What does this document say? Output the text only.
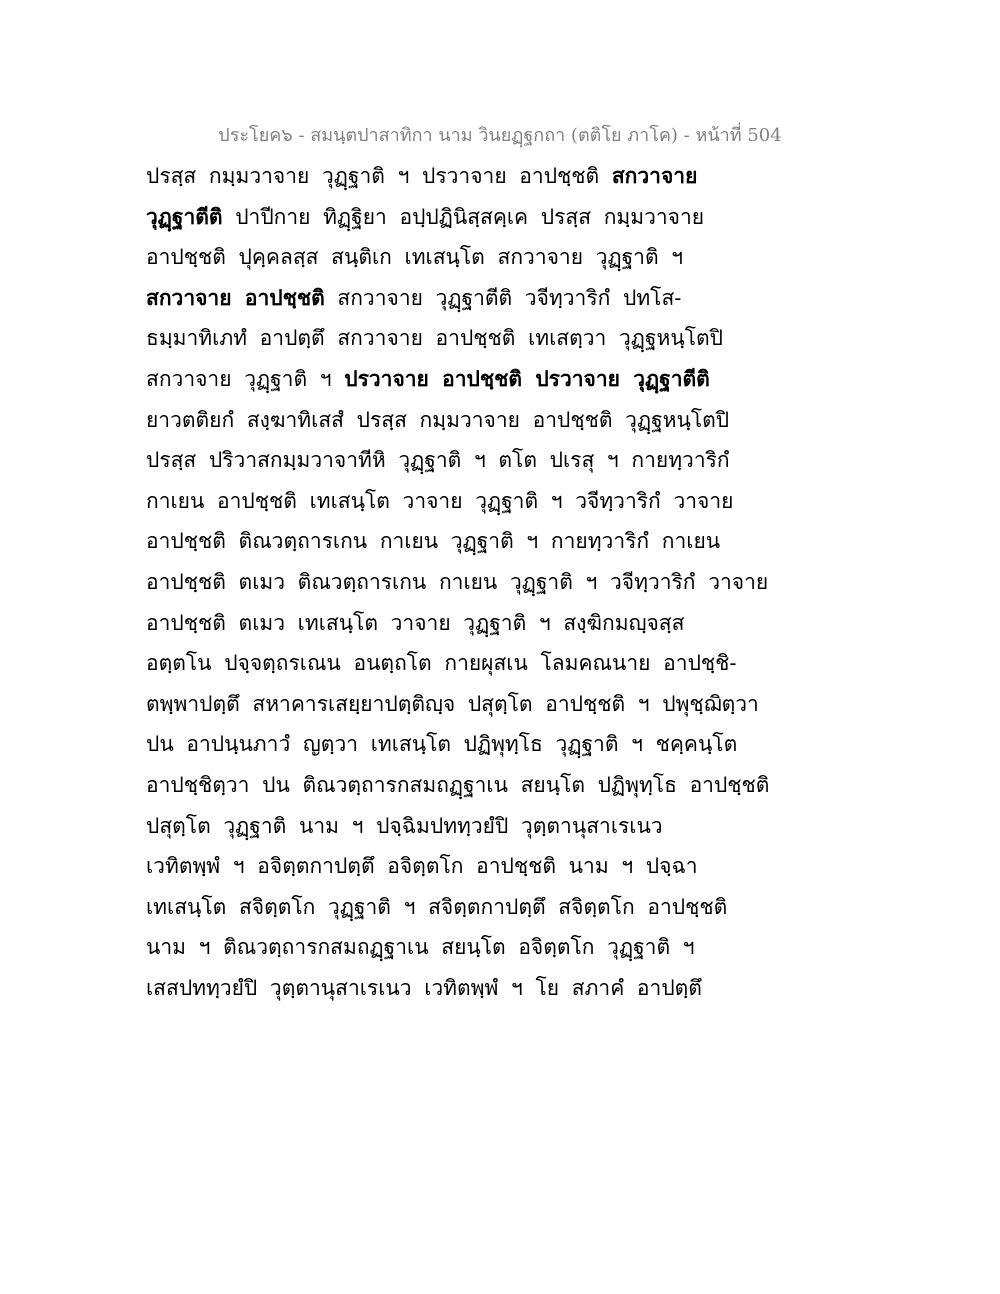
ประโยค๖ - สมนฺตปาสาทิกา นาม วินยฏฺฐกถา (ตติโย ภาโค) - หน้าที่ 504
ปรสฺส กมฺมวาจาย วุฏฺฐาติ ฯ ปรวาจาย อาปชฺชติ สกวาจาย
วุฏฺฐาตีติ ปาปีกาย ทิฏฺฐิยา อปฺปฏินิสฺสคฺเค ปรสฺส กมฺมวาจาย
อาปชฺชติ ปุคฺคลสฺส สนฺติเก เทเสนฺโต สกวาจาย วุฏฺฐาติ ฯ
สกวาจาย อาปชฺชติ สกวาจาย วุฏฺฐาตีติ วจีทฺวาริกํ ปทโส-
ธมฺมาทิเภทํ อาปตฺตึ สกวาจาย อาปชฺชติ เทเสตฺวา วุฏฺฐหนฺโตปิ
สกวาจาย วุฏฺฐาติ ฯ ปรวาจาย อาปชฺชติ ปรวาจาย วุฏฺฐาตีติ
ยาวตติยกํ สงฺฆาทิเสสํ ปรสฺส กมฺมวาจาย อาปชฺชติ วุฏฺฐหนฺโตปิ
ปรสฺส ปริวาสกมฺมวาจาทีหิ วุฏฺฐาติ ฯ ตโต ปเรสุ ฯ กายทฺวาริกํ
กาเยน อาปชฺชติ เทเสนฺโต วาจาย วุฏฺฐาติ ฯ วจีทฺวาริกํ วาจาย
อาปชฺชติ ติณวตฺถารเกน กาเยน วุฏฺฐาติ ฯ กายทฺวาริกํ กาเยน
อาปชฺชติ ตเมว ติณวตฺถารเกน กาเยน วุฏฺฐาติ ฯ วจีทฺวาริกํ วาจาย
อาปชฺชติ ตเมว เทเสนฺโต วาจาย วุฏฺฐาติ ฯ สงฺฆิกมญฺจสฺส
อตฺตโน ปจฺจตฺถรเณน อนตฺถโต กายผุสเน โลมคณนาย อาปชฺชิ-
ตพฺพาปตฺตึ สหาคารเสยฺยาปตฺติญฺจ ปสุตฺโต อาปชฺชติ ฯ ปพุชฺฌิตฺวา
ปน อาปนฺนภาวํ ญตฺวา เทเสนฺโต ปฏิพุทฺโธ วุฏฺฐาติ ฯ ชคฺคนฺโต
อาปชฺชิตฺวา ปน ติณวตฺถารกสมถฏฺฐาเน สยนฺโต ปฏิพุทฺโธ อาปชฺชติ
ปสุตฺโต วุฏฺฐาติ นาม ฯ ปจฺฉิมปททฺวยํปิ วุตฺตานุสาเรเนว
เวทิตพฺพํ ฯ อจิตฺตกาปตฺตึ อจิตฺตโก อาปชฺชติ นาม ฯ ปจฺฉา
เทเสนฺโต สจิตฺตโก วุฏฺฐาติ ฯ สจิตฺตกาปตฺตึ สจิตฺตโก อาปชฺชติ
นาม ฯ ติณวตฺถารกสมถฏฺฐาเน สยนฺโต อจิตฺตโก วุฏฺฐาติ ฯ
เสสปททฺวยํปิ วุตฺตานุสาเรเนว เวทิตพฺพํ ฯ โย สภาคํ อาปตฺตึ
